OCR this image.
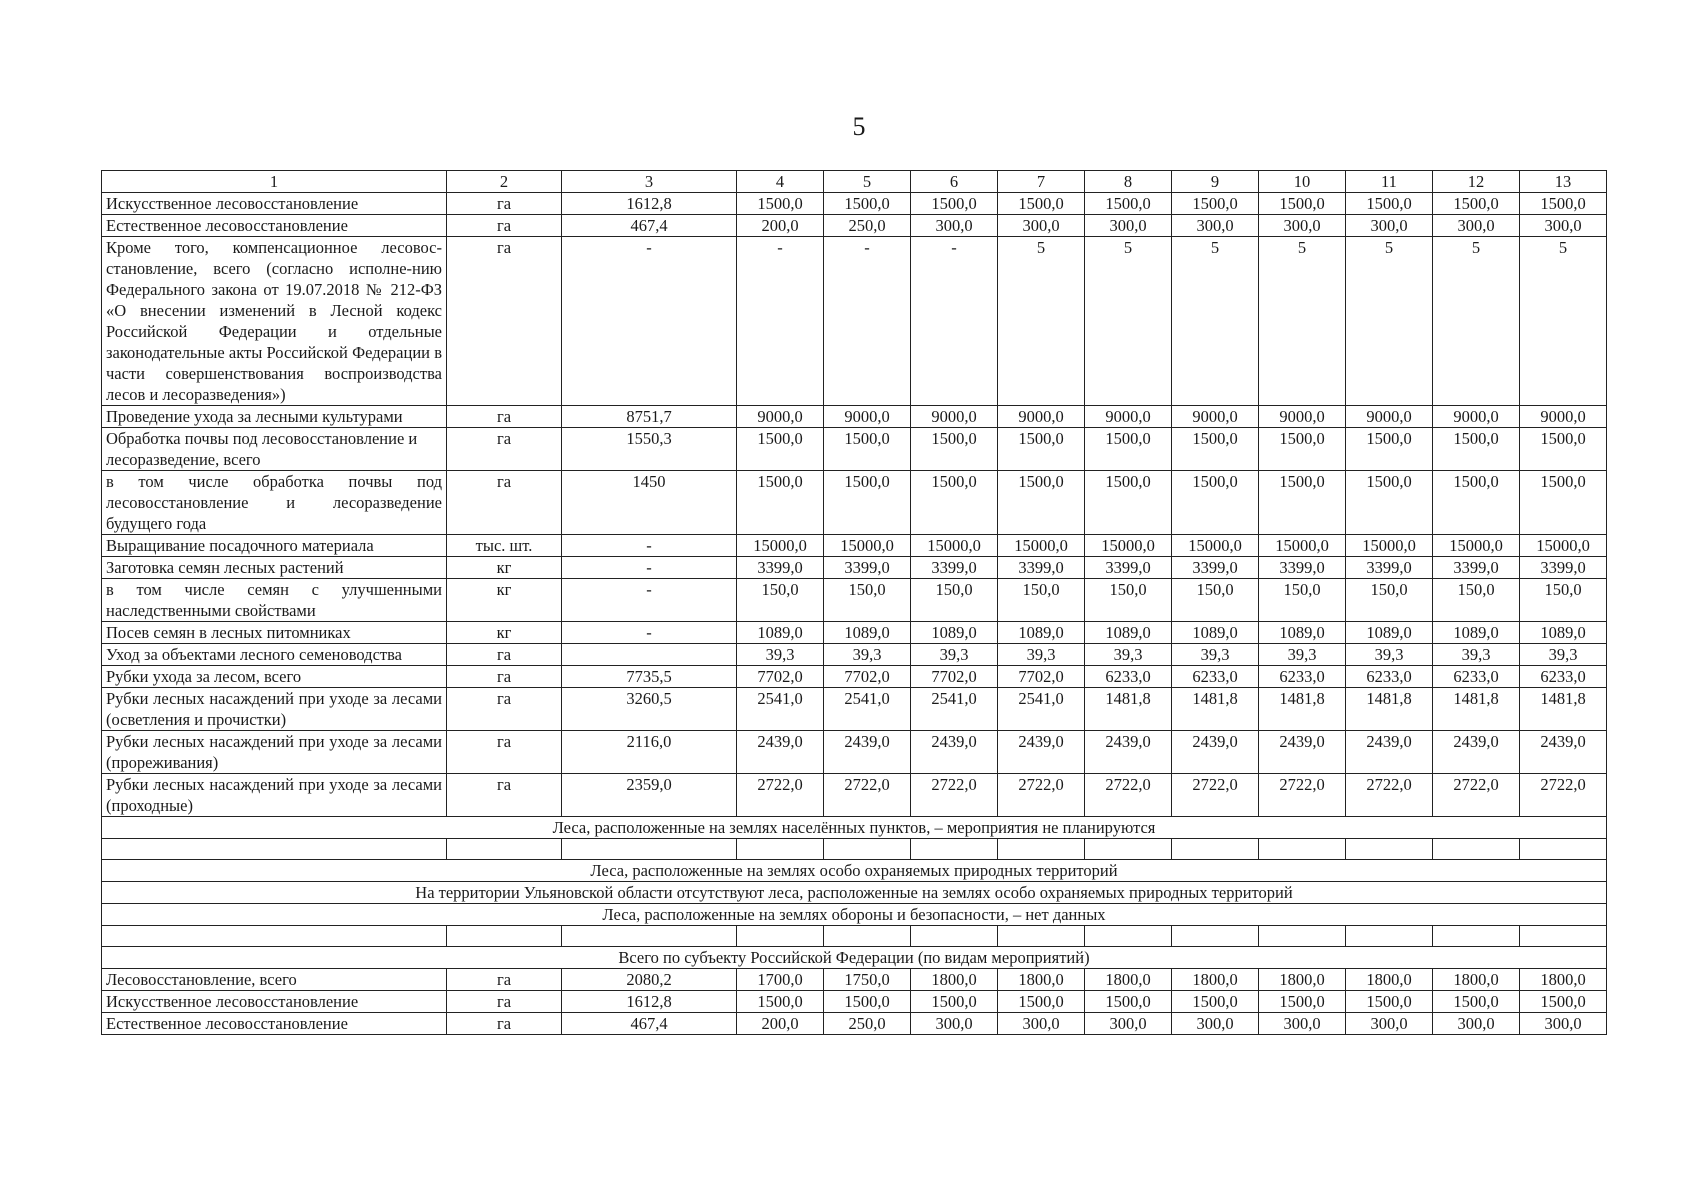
5
1	2	3	4	5	6	7	8	9	10	11	12	13
Искусственное лесовосстановление	га	1612,8	1500,0	1500,0	1500,0	1500,0	1500,0	1500,0	1500,0	1500,0	1500,0	1500,0
Естественное лесовосстановление	га	467,4	200,0	250,0	300,0	300,0	300,0	300,0	300,0	300,0	300,0	300,0
Кроме того, компенсационное лесовос-становление, всего (согласно исполне-нию Федерального закона от 19.07.2018 № 212-ФЗ «О внесении изменений в Лесной кодекс Российской Федерации и отдельные законодательные акты Российской Федерации в части совершенствования воспроизводства лесов и лесоразведения»)	га	-	-	-	-	5	5	5	5	5	5	5
Проведение ухода за лесными культурами	га	8751,7	9000,0	9000,0	9000,0	9000,0	9000,0	9000,0	9000,0	9000,0	9000,0	9000,0
Обработка почвы под лесовосстановление и лесоразведение, всего	га	1550,3	1500,0	1500,0	1500,0	1500,0	1500,0	1500,0	1500,0	1500,0	1500,0	1500,0
в том числе обработка почвы под лесовосстановление и лесоразведение будущего года	га	1450	1500,0	1500,0	1500,0	1500,0	1500,0	1500,0	1500,0	1500,0	1500,0	1500,0
Выращивание посадочного материала	тыс. шт.	-	15000,0	15000,0	15000,0	15000,0	15000,0	15000,0	15000,0	15000,0	15000,0	15000,0
Заготовка семян лесных растений	кг	-	3399,0	3399,0	3399,0	3399,0	3399,0	3399,0	3399,0	3399,0	3399,0	3399,0
в том числе семян с улучшенными наследственными свойствами	кг	-	150,0	150,0	150,0	150,0	150,0	150,0	150,0	150,0	150,0	150,0
Посев семян в лесных питомниках	кг	-	1089,0	1089,0	1089,0	1089,0	1089,0	1089,0	1089,0	1089,0	1089,0	1089,0
Уход за объектами лесного семеноводства	га		39,3	39,3	39,3	39,3	39,3	39,3	39,3	39,3	39,3	39,3
Рубки ухода за лесом, всего	га	7735,5	7702,0	7702,0	7702,0	7702,0	6233,0	6233,0	6233,0	6233,0	6233,0	6233,0
Рубки лесных насаждений при уходе за лесами (осветления и прочистки)	га	3260,5	2541,0	2541,0	2541,0	2541,0	1481,8	1481,8	1481,8	1481,8	1481,8	1481,8
Рубки лесных насаждений при уходе за лесами (прореживания)	га	2116,0	2439,0	2439,0	2439,0	2439,0	2439,0	2439,0	2439,0	2439,0	2439,0	2439,0
Рубки лесных насаждений при уходе за лесами (проходные)	га	2359,0	2722,0	2722,0	2722,0	2722,0	2722,0	2722,0	2722,0	2722,0	2722,0	2722,0
Леса, расположенные на землях населённых пунктов, – мероприятия не планируются												

Леса, расположенные на землях особо охраняемых природных территорий												
На территории Ульяновской области отсутствуют леса, расположенные на землях особо охраняемых природных территорий												
Леса, расположенные на землях обороны и безопасности, – нет данных												

Всего по субъекту Российской Федерации (по видам мероприятий)												
Лесовосстановление, всего	га	2080,2	1700,0	1750,0	1800,0	1800,0	1800,0	1800,0	1800,0	1800,0	1800,0	1800,0
Искусственное лесовосстановление	га	1612,8	1500,0	1500,0	1500,0	1500,0	1500,0	1500,0	1500,0	1500,0	1500,0	1500,0
Естественное лесовосстановление	га	467,4	200,0	250,0	300,0	300,0	300,0	300,0	300,0	300,0	300,0	300,0
